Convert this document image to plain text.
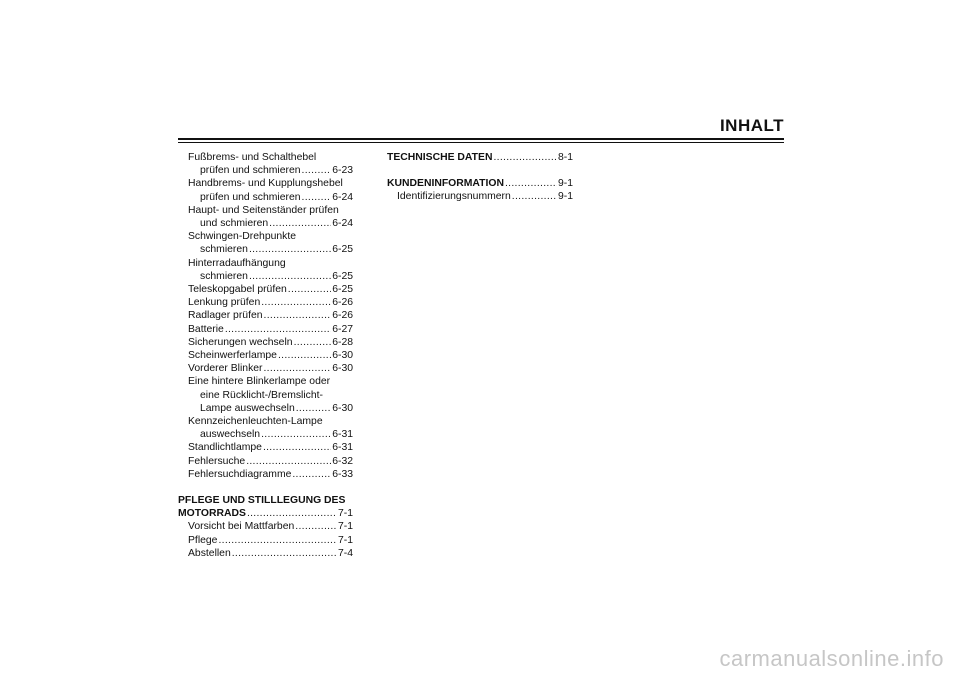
INHALT
Fußbrems- und Schalthebel
prüfen und schmieren .....	6-23
Handbrems- und Kupplungshebel
prüfen und schmieren .....	6-24
Haupt- und Seitenständer prüfen
und schmieren .....	6-24
Schwingen-Drehpunkte
schmieren .....	6-25
Hinterradaufhängung
schmieren .....	6-25
Teleskopgabel prüfen .....	6-25
Lenkung prüfen .....	6-26
Radlager prüfen .....	6-26
Batterie .....	6-27
Sicherungen wechseln .....	6-28
Scheinwerferlampe .....	6-30
Vorderer Blinker .....	6-30
Eine hintere Blinkerlampe oder
eine Rücklicht-/Bremslicht-
Lampe auswechseln .....	6-30
Kennzeichenleuchten-Lampe
auswechseln .....	6-31
Standlichtlampe .....	6-31
Fehlersuche .....	6-32
Fehlersuchdiagramme .....	6-33
PFLEGE UND STILLLEGUNG DES
MOTORRADS .....	7-1
Vorsicht bei Mattfarben .....	7-1
Pflege .....	7-1
Abstellen .....	7-4
TECHNISCHE DATEN .....	8-1
KUNDENINFORMATION .....	9-1
Identifizierungsnummern .....	9-1
carmanualsonline.info
